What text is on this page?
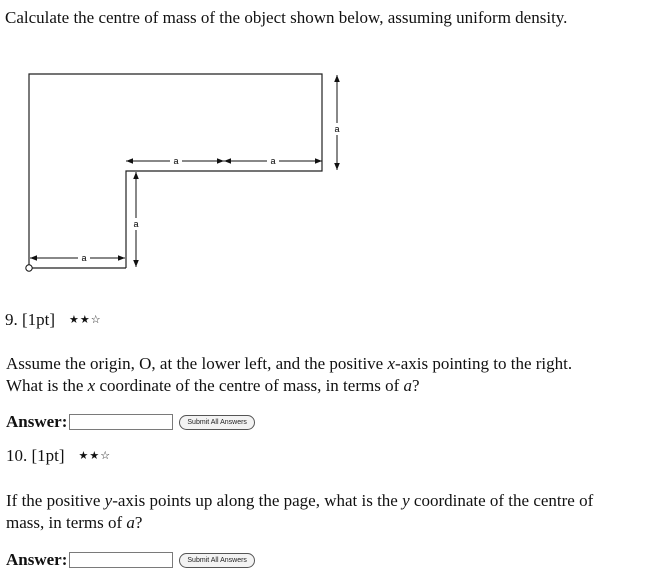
Calculate the centre of mass of the object shown below, assuming uniform density.
a
a	a
a
a
9. [1pt] ★★☆
Assume the origin, O, at the lower left, and the positive x-axis pointing to the right.
What is the x coordinate of the centre of mass, in terms of a?
Answer:	Submit All Answers
10. [1pt] ★★☆
If the positive y-axis points up along the page, what is the y coordinate of the centre of
mass, in terms of a?
Answer:	Submit All Answers
